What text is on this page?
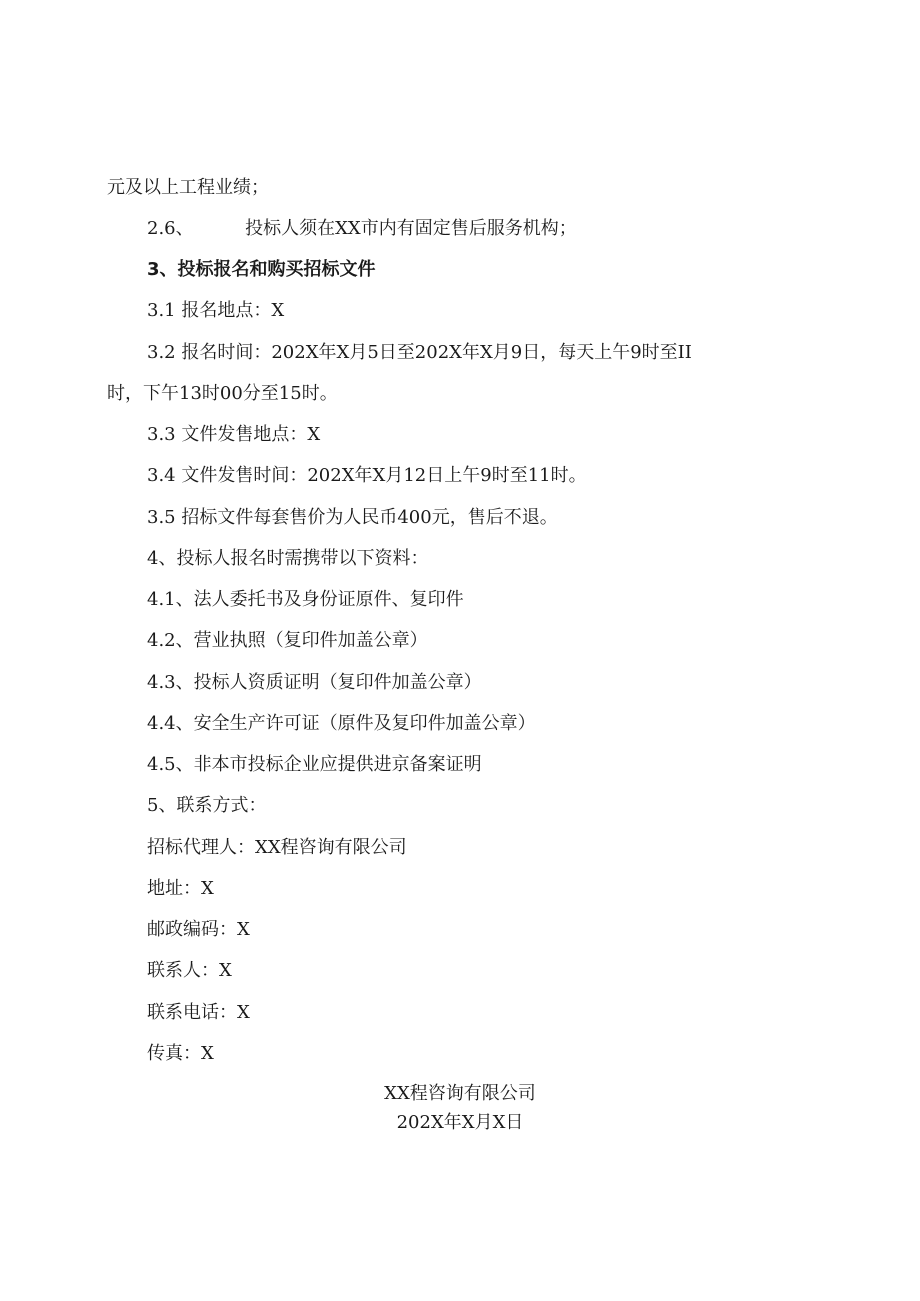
元及以上工程业绩；
2.6、	投标人须在XX市内有固定售后服务机构；
3、投标报名和购买招标文件
3.1 报名地点：X
3.2 报名时间：202X年X月5日至202X年X月9日，每天上午9时至II
时，下午13时00分至15时。
3.3 文件发售地点：X
3.4 文件发售时间：202X年X月12日上午9时至11时。
3.5 招标文件每套售价为人民币400元，售后不退。
4、投标人报名时需携带以下资料：
4.1、法人委托书及身份证原件、复印件
4.2、营业执照（复印件加盖公章）
4.3、投标人资质证明（复印件加盖公章）
4.4、安全生产许可证（原件及复印件加盖公章）
4.5、非本市投标企业应提供进京备案证明
5、联系方式：
招标代理人：XX程咨询有限公司
地址：X
邮政编码：X
联系人：X
联系电话：X
传真：X
XX程咨询有限公司
202X年X月X日
